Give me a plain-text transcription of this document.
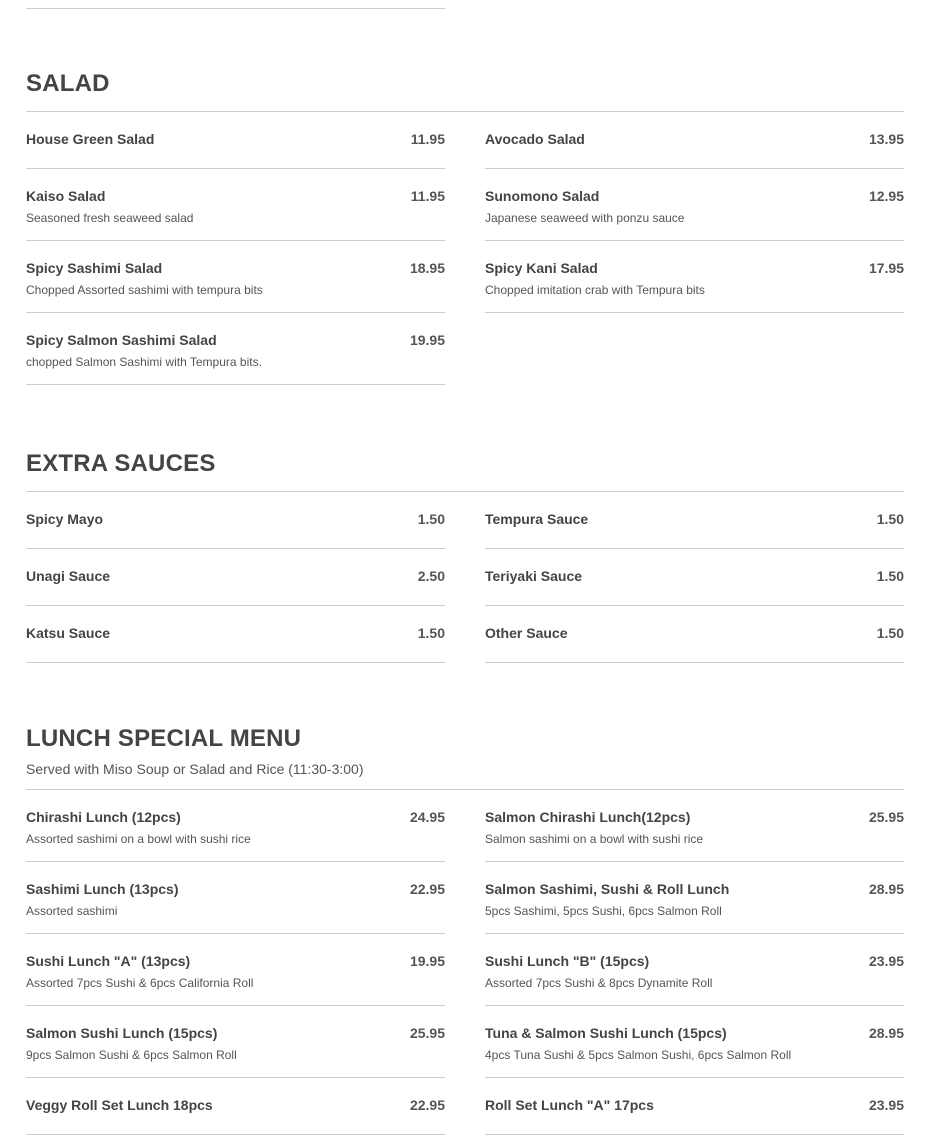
SALAD
House Green Salad	11.95	Avocado Salad	13.95
Kaiso Salad	11.95
Seasoned fresh seaweed salad
Sunomono Salad	12.95
Japanese seaweed with ponzu sauce
Spicy Sashimi Salad	18.95
Chopped Assorted sashimi with tempura bits
Spicy Kani Salad	17.95
Chopped imitation crab with Tempura bits
Spicy Salmon Sashimi Salad	19.95
chopped Salmon Sashimi with Tempura bits.
EXTRA SAUCES
Spicy Mayo	1.50	Tempura Sauce	1.50
Unagi Sauce	2.50	Teriyaki Sauce	1.50
Katsu Sauce	1.50	Other Sauce	1.50
LUNCH SPECIAL MENU
Served with Miso Soup or Salad and Rice (11:30-3:00)
Chirashi Lunch (12pcs)	24.95
Assorted sashimi on a bowl with sushi rice
Salmon Chirashi Lunch(12pcs)	25.95
Salmon sashimi on a bowl with sushi rice
Sashimi Lunch (13pcs)	22.95
Assorted sashimi
Salmon Sashimi, Sushi & Roll Lunch	28.95
5pcs Sashimi, 5pcs Sushi, 6pcs Salmon Roll
Sushi Lunch "A" (13pcs)	19.95
Assorted 7pcs Sushi & 6pcs California Roll
Sushi Lunch "B" (15pcs)	23.95
Assorted 7pcs Sushi & 8pcs Dynamite Roll
Salmon Sushi Lunch (15pcs)	25.95
9pcs Salmon Sushi & 6pcs Salmon Roll
Tuna & Salmon Sushi Lunch (15pcs)	28.95
4pcs Tuna Sushi & 5pcs Salmon Sushi, 6pcs Salmon Roll
Veggy Roll Set Lunch 18pcs	22.95	Roll Set Lunch "A" 17pcs	23.95
